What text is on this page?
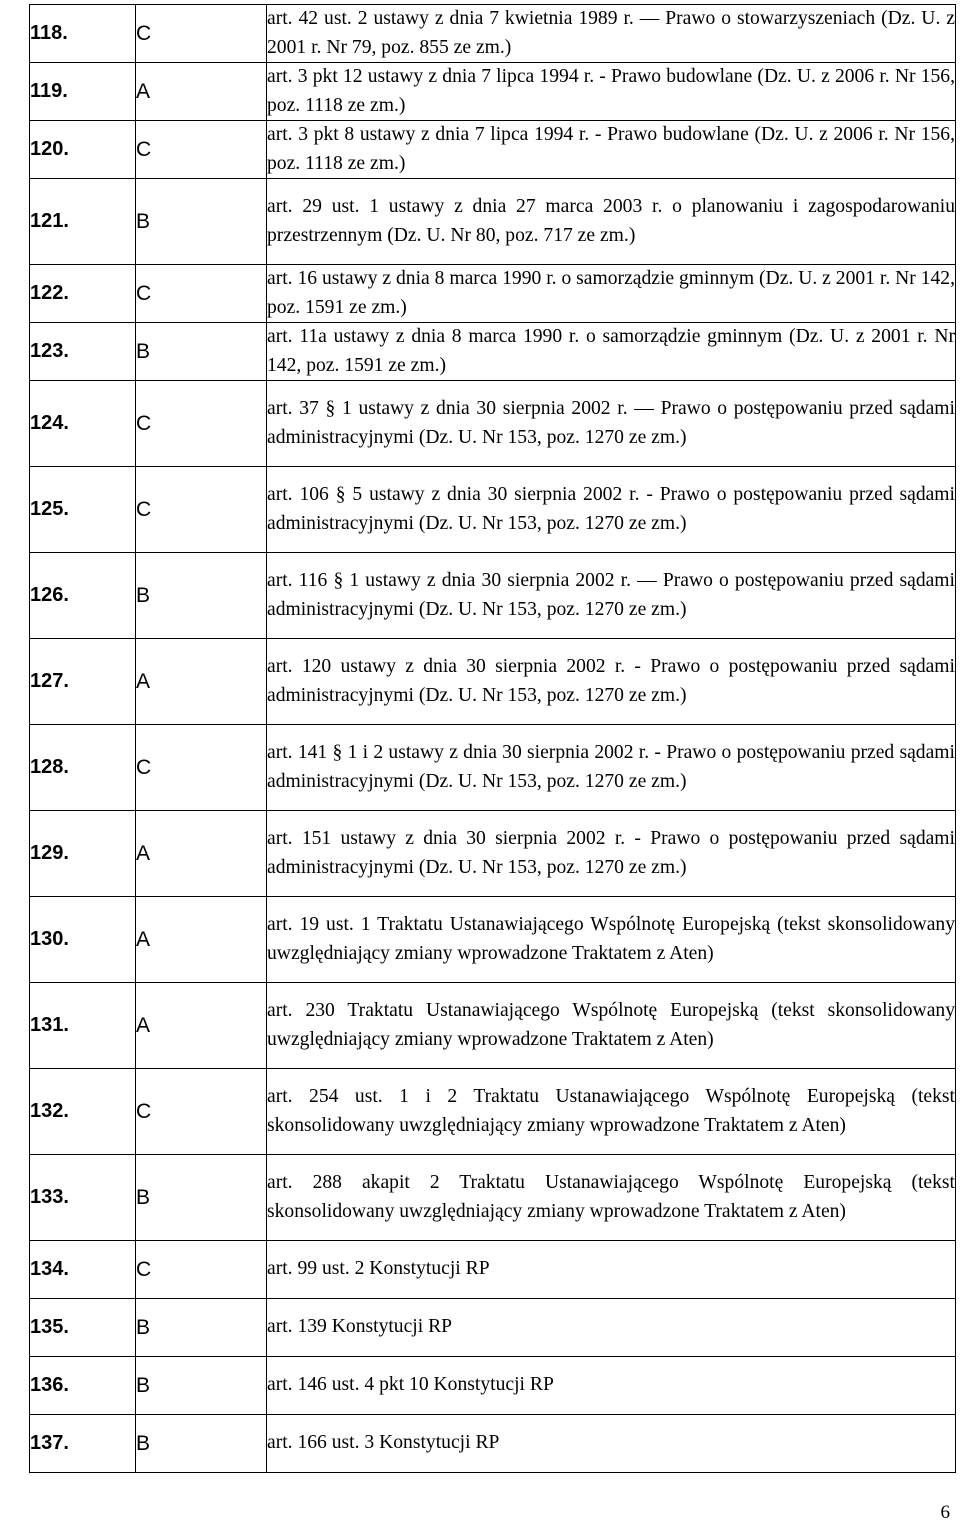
118.	C	art. 42 ust. 2 ustawy z dnia 7 kwietnia 1989 r. — Prawo o stowarzyszeniach (Dz. U. z 2001 r. Nr 79, poz. 855 ze zm.)

119.	A	art. 3 pkt 12 ustawy z dnia 7 lipca 1994 r. - Prawo budowlane (Dz. U. z 2006 r. Nr 156, poz. 1118 ze zm.)

120.	C	art. 3 pkt 8 ustawy z dnia 7 lipca 1994 r. - Prawo budowlane (Dz. U. z 2006 r. Nr 156, poz. 1118 ze zm.)

121.	B	art. 29 ust. 1 ustawy z dnia 27 marca 2003 r. o planowaniu i zagospodarowaniu przestrzennym (Dz. U. Nr 80, poz. 717 ze zm.)

122.	C	art. 16 ustawy z dnia 8 marca 1990 r. o samorządzie gminnym (Dz. U. z 2001 r. Nr 142, poz. 1591 ze zm.)

123.	B	art. 11a ustawy z dnia 8 marca 1990 r. o samorządzie gminnym (Dz. U. z 2001 r. Nr 142, poz. 1591 ze zm.)

124.	C	art. 37 § 1 ustawy z dnia 30 sierpnia 2002 r. — Prawo o postępowaniu przed sądami administracyjnymi (Dz. U. Nr 153, poz. 1270 ze zm.)

125.	C	art. 106 § 5 ustawy z dnia 30 sierpnia 2002 r. - Prawo o postępowaniu przed sądami administracyjnymi (Dz. U. Nr 153, poz. 1270 ze zm.)

126.	B	art. 116 § 1 ustawy z dnia 30 sierpnia 2002 r. — Prawo o postępowaniu przed sądami administracyjnymi (Dz. U. Nr 153, poz. 1270 ze zm.)

127.	A	art. 120 ustawy z dnia 30 sierpnia 2002 r. - Prawo o postępowaniu przed sądami administracyjnymi (Dz. U. Nr 153, poz. 1270 ze zm.)

128.	C	art. 141 § 1 i 2 ustawy z dnia 30 sierpnia 2002 r. - Prawo o postępowaniu przed sądami administracyjnymi (Dz. U. Nr 153, poz. 1270 ze zm.)

129.	A	art. 151 ustawy z dnia 30 sierpnia 2002 r. - Prawo o postępowaniu przed sądami administracyjnymi (Dz. U. Nr 153, poz. 1270 ze zm.)

130.	A	art. 19 ust. 1 Traktatu Ustanawiającego Wspólnotę Europejską (tekst skonsolidowany uwzględniający zmiany wprowadzone Traktatem z Aten)

131.	A	art. 230 Traktatu Ustanawiającego Wspólnotę Europejską (tekst skonsolidowany uwzględniający zmiany wprowadzone Traktatem z Aten)

132.	C	art. 254 ust. 1 i 2 Traktatu Ustanawiającego Wspólnotę Europejską (tekst skonsolidowany uwzględniający zmiany wprowadzone Traktatem z Aten)

133.	B	art. 288 akapit 2 Traktatu Ustanawiającego Wspólnotę Europejską (tekst skonsolidowany uwzględniający zmiany wprowadzone Traktatem z Aten)

134.	C	art. 99 ust. 2 Konstytucji RP

135.	B	art. 139 Konstytucji RP

136.	B	art. 146 ust. 4 pkt 10 Konstytucji RP

137.	B	art. 166 ust. 3 Konstytucji RP
6
